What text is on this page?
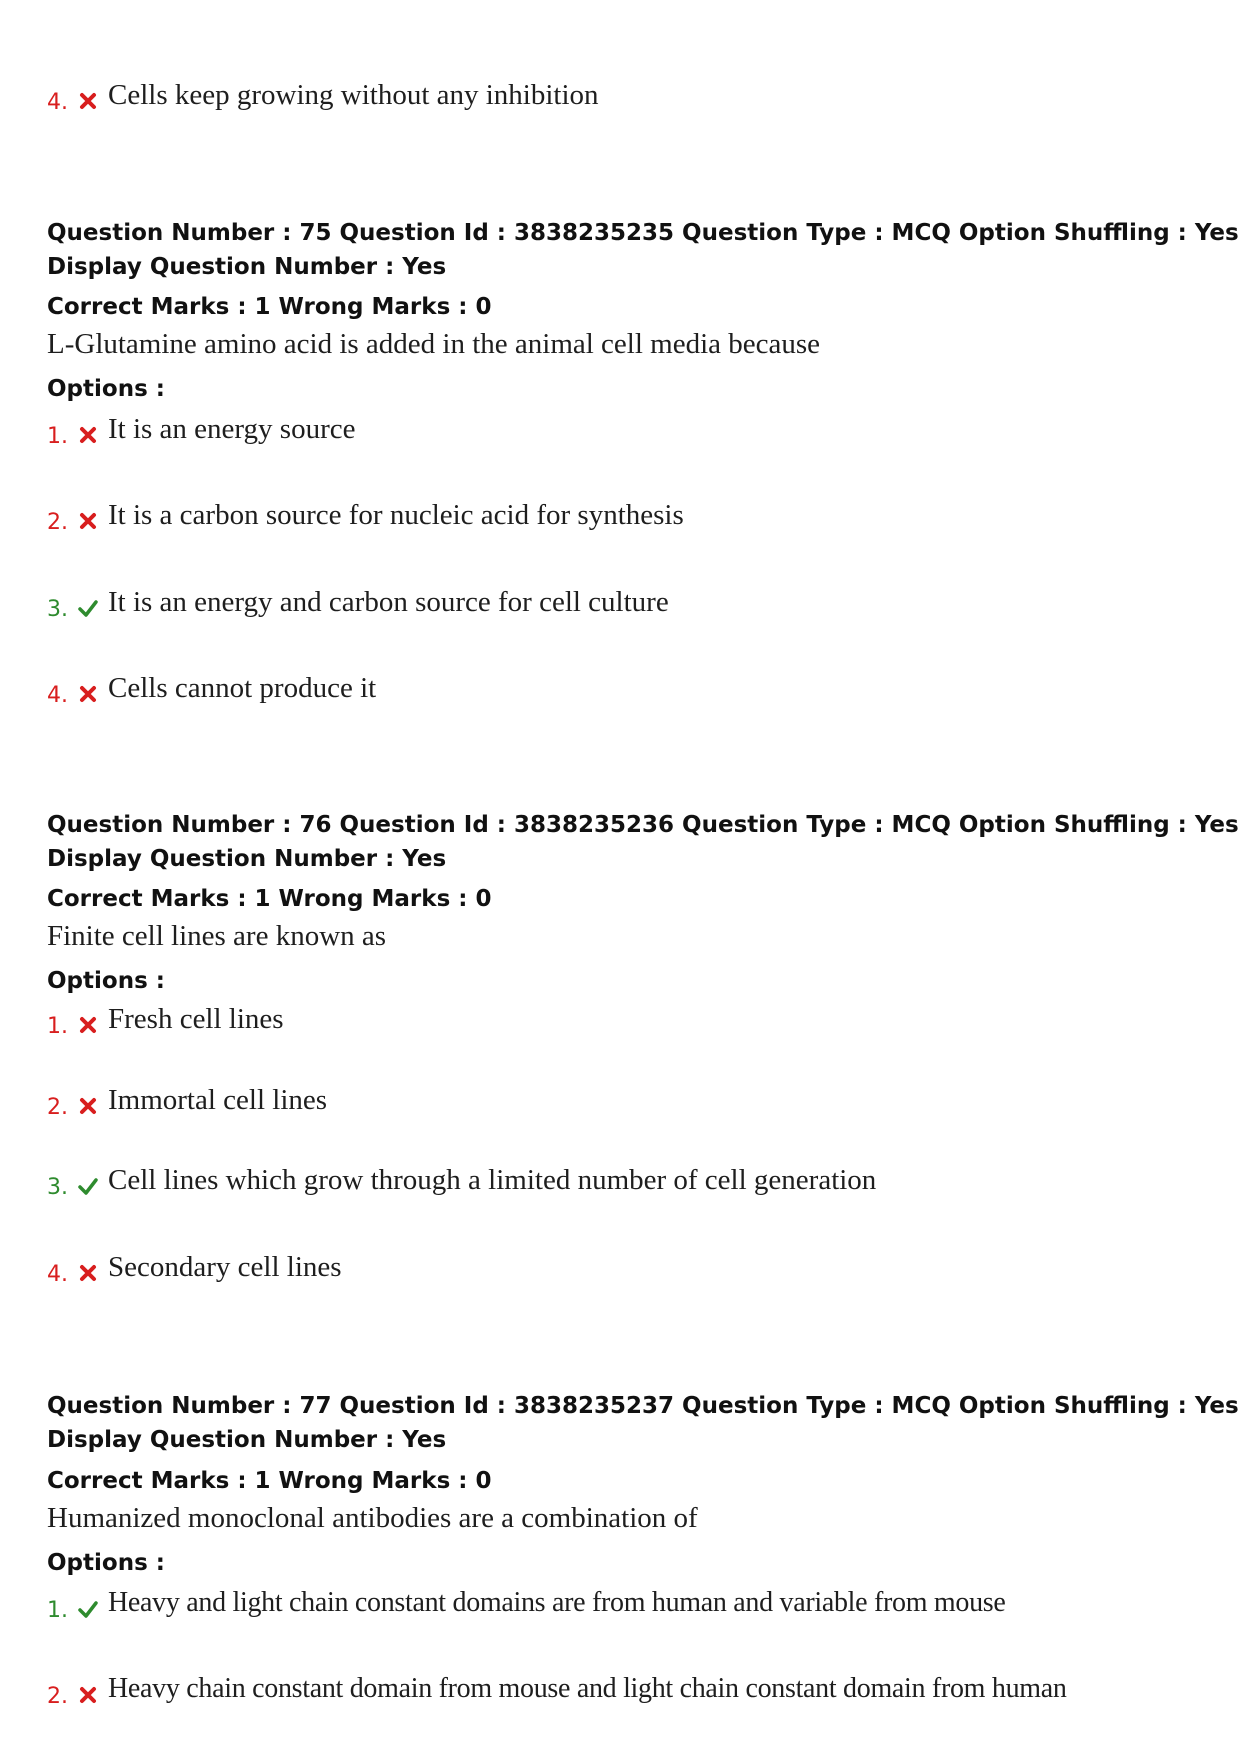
4. Cells keep growing without any inhibition
Question Number : 75 Question Id : 3838235235 Question Type : MCQ Option Shuffling : Yes
Display Question Number : Yes
Correct Marks : 1 Wrong Marks : 0
L-Glutamine amino acid is added in the animal cell media because
Options :
1. It is an energy source
2. It is a carbon source for nucleic acid for synthesis
3. It is an energy and carbon source for cell culture
4. Cells cannot produce it
Question Number : 76 Question Id : 3838235236 Question Type : MCQ Option Shuffling : Yes
Display Question Number : Yes
Correct Marks : 1 Wrong Marks : 0
Finite cell lines are known as
Options :
1. Fresh cell lines
2. Immortal cell lines
3. Cell lines which grow through a limited number of cell generation
4. Secondary cell lines
Question Number : 77 Question Id : 3838235237 Question Type : MCQ Option Shuffling : Yes
Display Question Number : Yes
Correct Marks : 1 Wrong Marks : 0
Humanized monoclonal antibodies are a combination of
Options :
1. Heavy and light chain constant domains are from human and variable from mouse
2. Heavy chain constant domain from mouse and light chain constant domain from human
